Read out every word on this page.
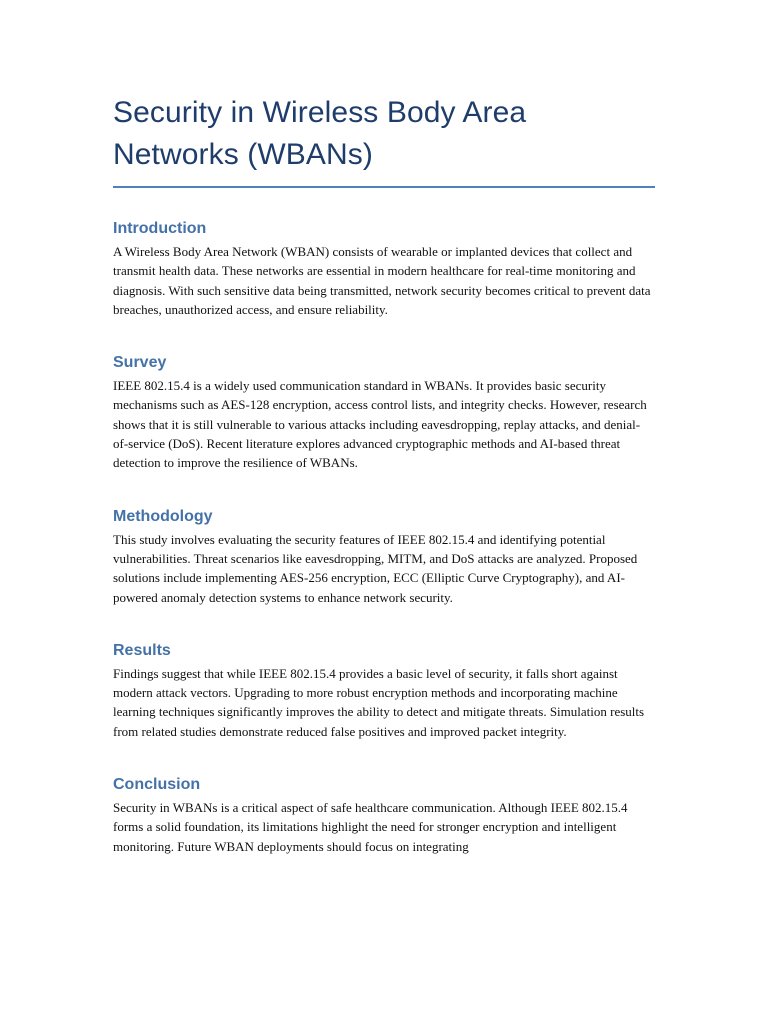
Security in Wireless Body Area Networks (WBANs)
Introduction

A Wireless Body Area Network (WBAN) consists of wearable or implanted devices that collect and transmit health data. These networks are essential in modern healthcare for real-time monitoring and diagnosis. With such sensitive data being transmitted, network security becomes critical to prevent data breaches, unauthorized access, and ensure reliability.

Survey

IEEE 802.15.4 is a widely used communication standard in WBANs. It provides basic security mechanisms such as AES-128 encryption, access control lists, and integrity checks. However, research shows that it is still vulnerable to various attacks including eavesdropping, replay attacks, and denial-of-service (DoS). Recent literature explores advanced cryptographic methods and AI-based threat detection to improve the resilience of WBANs.

Methodology

This study involves evaluating the security features of IEEE 802.15.4 and identifying potential vulnerabilities. Threat scenarios like eavesdropping, MITM, and DoS attacks are analyzed. Proposed solutions include implementing AES-256 encryption, ECC (Elliptic Curve Cryptography), and AI-powered anomaly detection systems to enhance network security.

Results

Findings suggest that while IEEE 802.15.4 provides a basic level of security, it falls short against modern attack vectors. Upgrading to more robust encryption methods and incorporating machine learning techniques significantly improves the ability to detect and mitigate threats. Simulation results from related studies demonstrate reduced false positives and improved packet integrity.

Conclusion

Security in WBANs is a critical aspect of safe healthcare communication. Although IEEE 802.15.4 forms a solid foundation, its limitations highlight the need for stronger encryption and intelligent monitoring. Future WBAN deployments should focus on integrating
